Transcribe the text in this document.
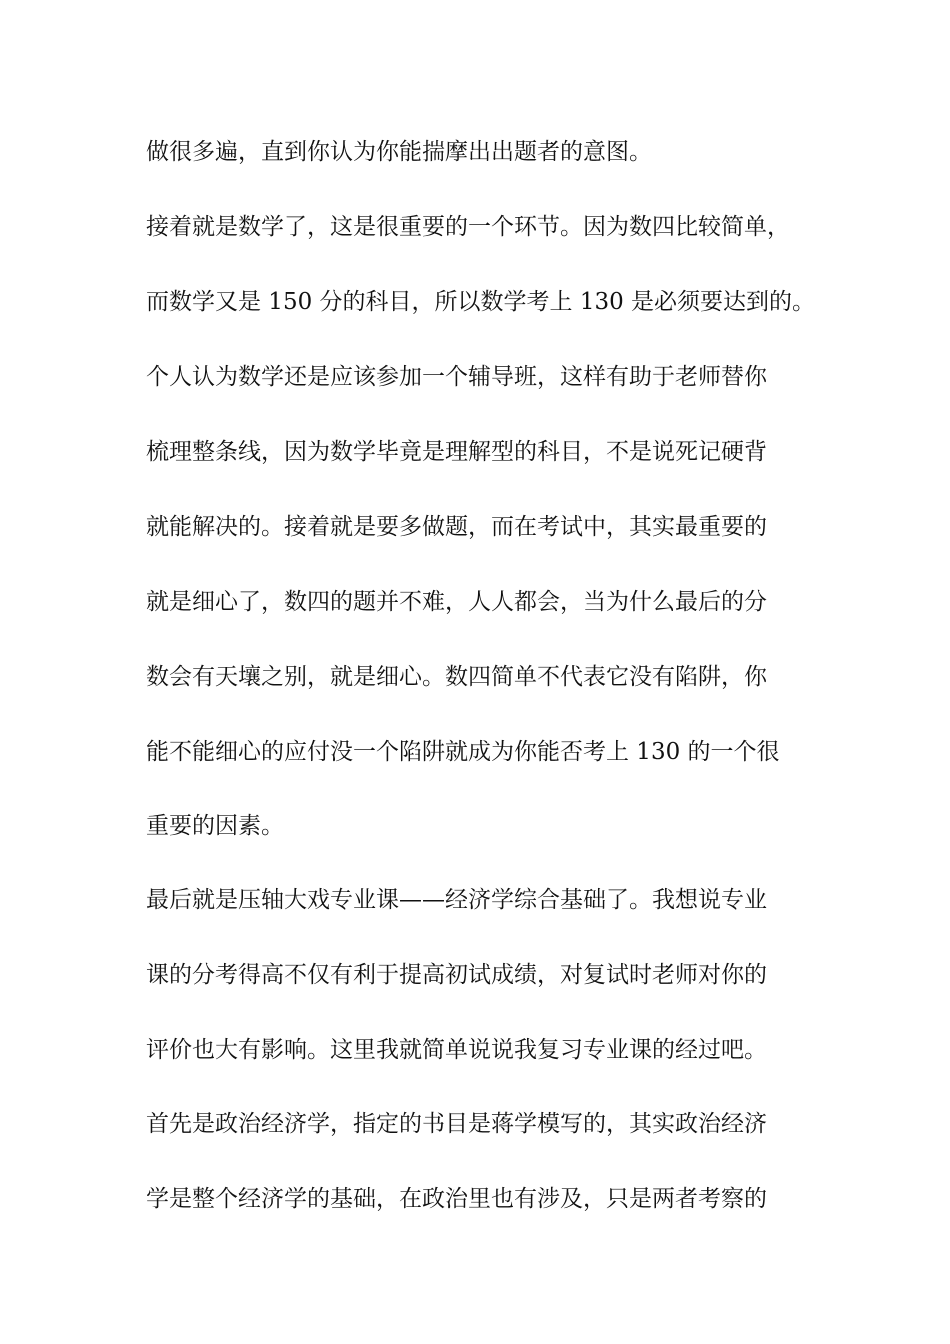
做很多遍，直到你认为你能揣摩出出题者的意图。

接着就是数学了，这是很重要的一个环节。因为数四比较简单，

而数学又是 150 分的科目，所以数学考上 130 是必须要达到的。

个人认为数学还是应该参加一个辅导班，这样有助于老师替你

梳理整条线，因为数学毕竟是理解型的科目，不是说死记硬背

就能解决的。接着就是要多做题，而在考试中，其实最重要的

就是细心了，数四的题并不难，人人都会，当为什么最后的分

数会有天壤之别，就是细心。数四简单不代表它没有陷阱，你

能不能细心的应付没一个陷阱就成为你能否考上 130 的一个很

重要的因素。

最后就是压轴大戏专业课——经济学综合基础了。我想说专业

课的分考得高不仅有利于提高初试成绩，对复试时老师对你的

评价也大有影响。这里我就简单说说我复习专业课的经过吧。

首先是政治经济学，指定的书目是蒋学模写的，其实政治经济

学是整个经济学的基础，在政治里也有涉及，只是两者考察的
